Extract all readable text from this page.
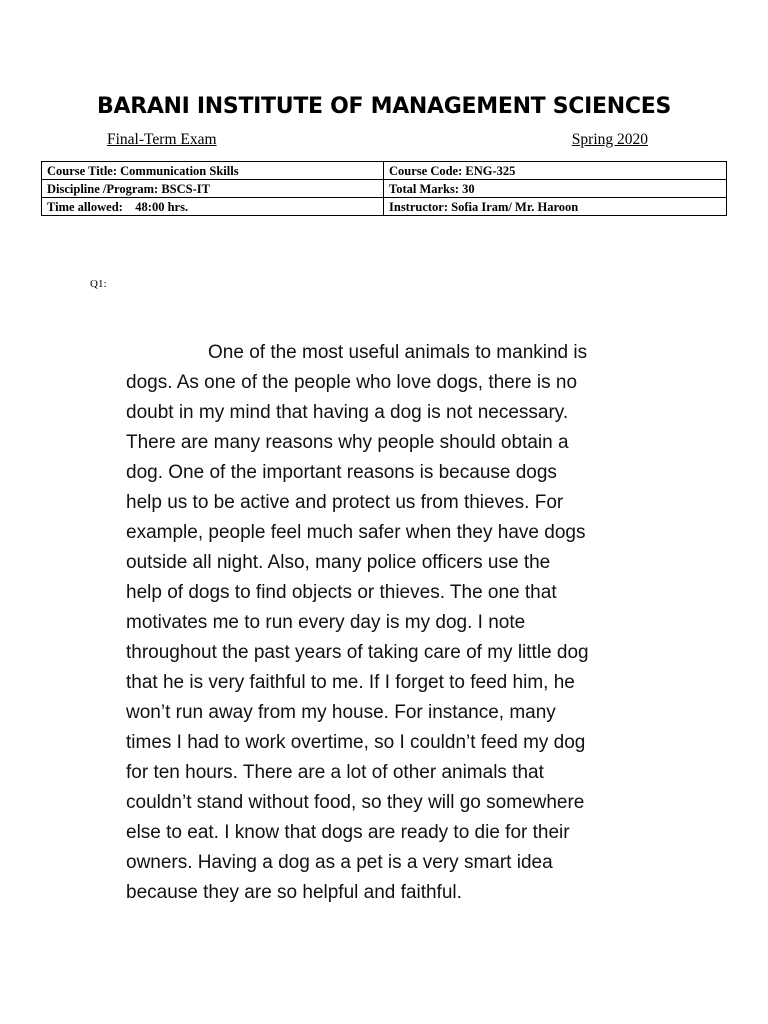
BARANI INSTITUTE OF MANAGEMENT SCIENCES
Final-Term Exam	Spring 2020
Course Title: Communication Skills	Course Code: ENG-325
Discipline /Program: BSCS-IT	Total Marks: 30
Time allowed:    48:00 hrs.	Instructor: Sofia Iram/ Mr. Haroon
Q1:
One of the most useful animals to mankind is
dogs. As one of the people who love dogs, there is no
doubt in my mind that having a dog is not necessary.
There are many reasons why people should obtain a
dog. One of the important reasons is because dogs
help us to be active and protect us from thieves. For
example, people feel much safer when they have dogs
outside all night. Also, many police officers use the
help of dogs to find objects or thieves. The one that
motivates me to run every day is my dog. I note
throughout the past years of taking care of my little dog
that he is very faithful to me. If I forget to feed him, he
won’t run away from my house. For instance, many
times I had to work overtime, so I couldn’t feed my dog
for ten hours. There are a lot of other animals that
couldn’t stand without food, so they will go somewhere
else to eat. I know that dogs are ready to die for their
owners. Having a dog as a pet is a very smart idea
because they are so helpful and faithful.
